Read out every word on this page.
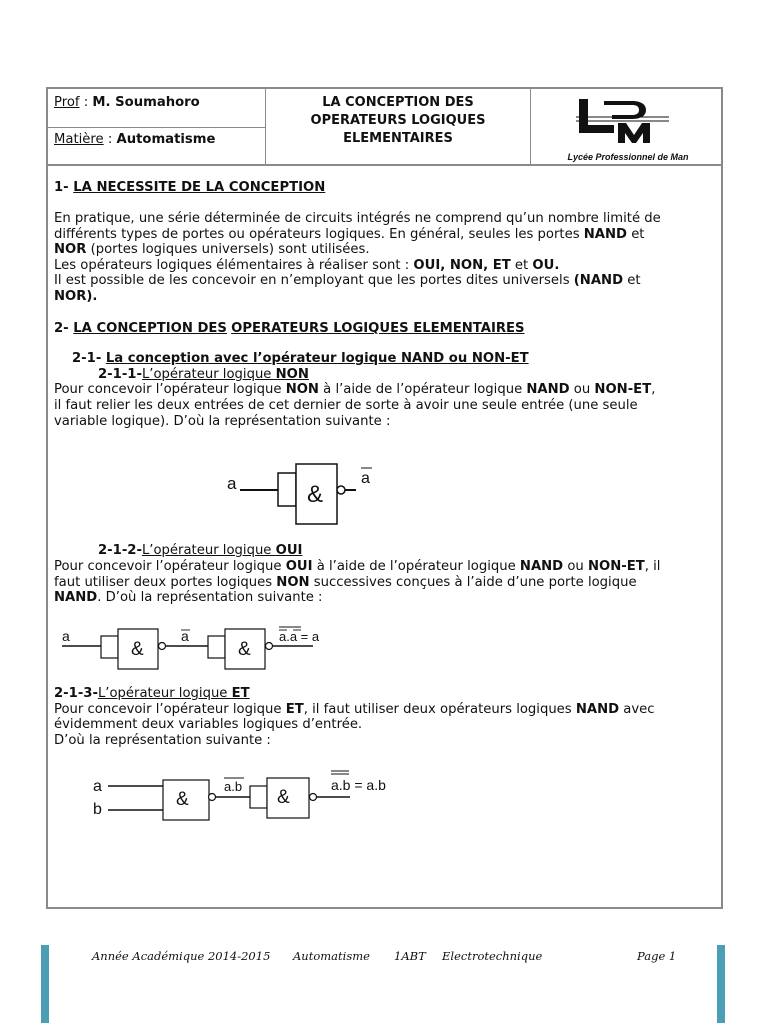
Prof : M. Soumahoro
Matière : Automatisme
LA CONCEPTION DES
OPERATEURS LOGIQUES
ELEMENTAIRES
Lycée Professionnel de Man
1- LA NECESSITE DE LA CONCEPTION
En pratique, une série déterminée de circuits intégrés ne comprend qu’un nombre limité de
différents types de portes ou opérateurs logiques. En général, seules les portes NAND et
NOR (portes logiques universels) sont utilisées.
Les opérateurs logiques élémentaires à réaliser sont : OUI, NON, ET et OU.
Il est possible de les concevoir en n’employant que les portes dites universels (NAND et
NOR).
2- LA CONCEPTION DES OPERATEURS LOGIQUES ELEMENTAIRES
2-1- La conception avec l’opérateur logique NAND ou NON-ET
2-1-1-L’opérateur logique NON
Pour concevoir l’opérateur logique NON à l’aide de l’opérateur logique NAND ou NON-ET,
il faut relier les deux entrées de cet dernier de sorte à avoir une seule entrée (une seule
variable logique). D’où la représentation suivante :
a	&
a
2-1-2-L’opérateur logique OUI
Pour concevoir l’opérateur logique OUI à l’aide de l’opérateur logique NAND ou NON-ET, il
faut utiliser deux portes logiques NON successives conçues à l’aide d’une porte logique
NAND. D’où la représentation suivante :
a
&
a
&
a.a = a
2-1-3-L’opérateur logique ET
Pour concevoir l’opérateur logique ET, il faut utiliser deux opérateurs logiques NAND avec
évidemment deux variables logiques d’entrée.
D’où la représentation suivante :
a
b	&
a.b
&
a.b = a.b
Année Académique 2014-2015 Automatisme 1ABT Electrotechnique	Page 1
